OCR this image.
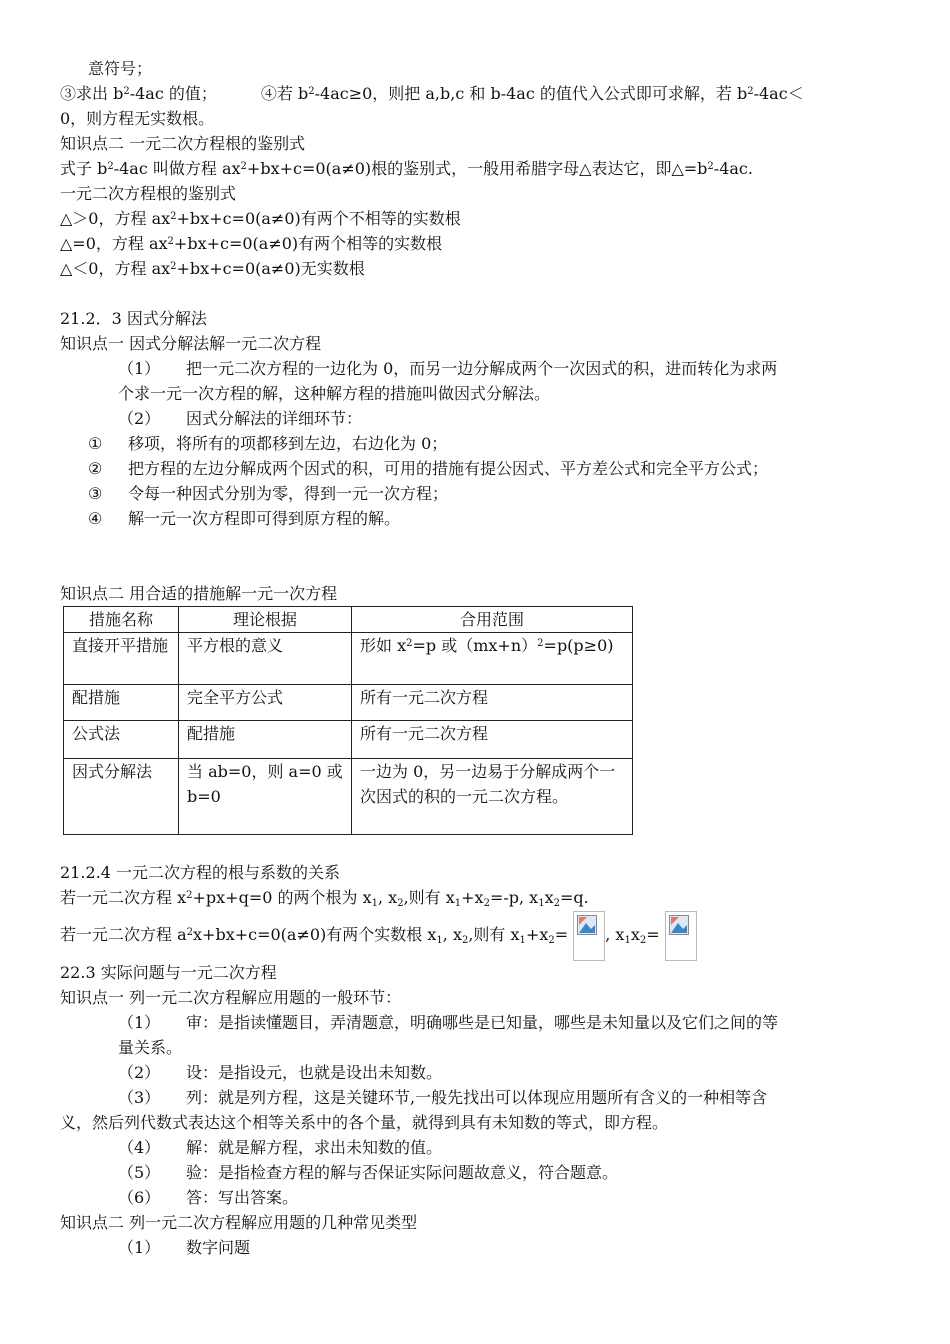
意符号；
③求出 $b^2-4ac$ 的值；	④若 $b^2-4ac\ge 0$，则把 a,b,c 和 b-4ac 的值代入公式即可求解，若 $b^2-4ac<$
0，则方程无实数根。
知识点二 一元二次方程根的鉴别式
式子 $b^2-4ac$ 叫做方程 $ax^2+bx+c=0(a\ne 0)$根的鉴别式，一般用希腊字母△表达它，即$\triangle=b^2-4ac$.
一元二次方程根的鉴别式
△＞0，方程 $ax^2+bx+c=0(a\ne 0)$有两个不相等的实数根
△=0，方程 $ax^2+bx+c=0(a\ne 0)$有两个相等的实数根
△＜0，方程 $ax^2+bx+c=0(a\ne 0)$无实数根
21.2．3 因式分解法
知识点一 因式分解法解一元二次方程
（1） 把一元二次方程的一边化为 0，而另一边分解成两个一次因式的积，进而转化为求两
个求一元一次方程的解，这种解方程的措施叫做因式分解法。
（2） 因式分解法的详细环节：
① 移项，将所有的项都移到左边，右边化为 0；
② 把方程的左边分解成两个因式的积，可用的措施有提公因式、平方差公式和完全平方公式；
③ 令每一种因式分别为零，得到一元一次方程；
④ 解一元一次方程即可得到原方程的解。
知识点二 用合适的措施解一元一次方程
措施名称	理论根据	合用范围
直接开平措施	平方根的意义	形如 $x^2=p$ 或$(mx+n)^2=p(p\ge 0)$
配措施	完全平方公式	所有一元二次方程
公式法	配措施	所有一元二次方程
因式分解法	当 ab=0，则 a=0 或 b=0	一边为 0，另一边易于分解成两个一次因式的积的一元二次方程。
21.2.4 一元二次方程的根与系数的关系
若一元二次方程 $x^2+px+q=0$ 的两个根为 $x_1$, $x_2$,则有 $x_1+x_2=-p$, $x_1x_2=q$.
若一元二次方程 $a^2x+bx+c=0(a\ne 0)$有两个实数根 $x_1$, $x_2$,则有 $x_1+x_2=$ , $x_1x_2=$
22.3 实际问题与一元二次方程
知识点一 列一元二次方程解应用题的一般环节：
（1） 审：是指读懂题目，弄清题意，明确哪些是已知量，哪些是未知量以及它们之间的等
量关系。
（2） 设：是指设元，也就是设出未知数。
（3） 列：就是列方程，这是关键环节,一般先找出可以体现应用题所有含义的一种相等含
义，然后列代数式表达这个相等关系中的各个量，就得到具有未知数的等式，即方程。
（4） 解：就是解方程，求出未知数的值。
（5） 验：是指检查方程的解与否保证实际问题故意义，符合题意。
（6） 答：写出答案。
知识点二 列一元二次方程解应用题的几种常见类型
（1） 数字问题
